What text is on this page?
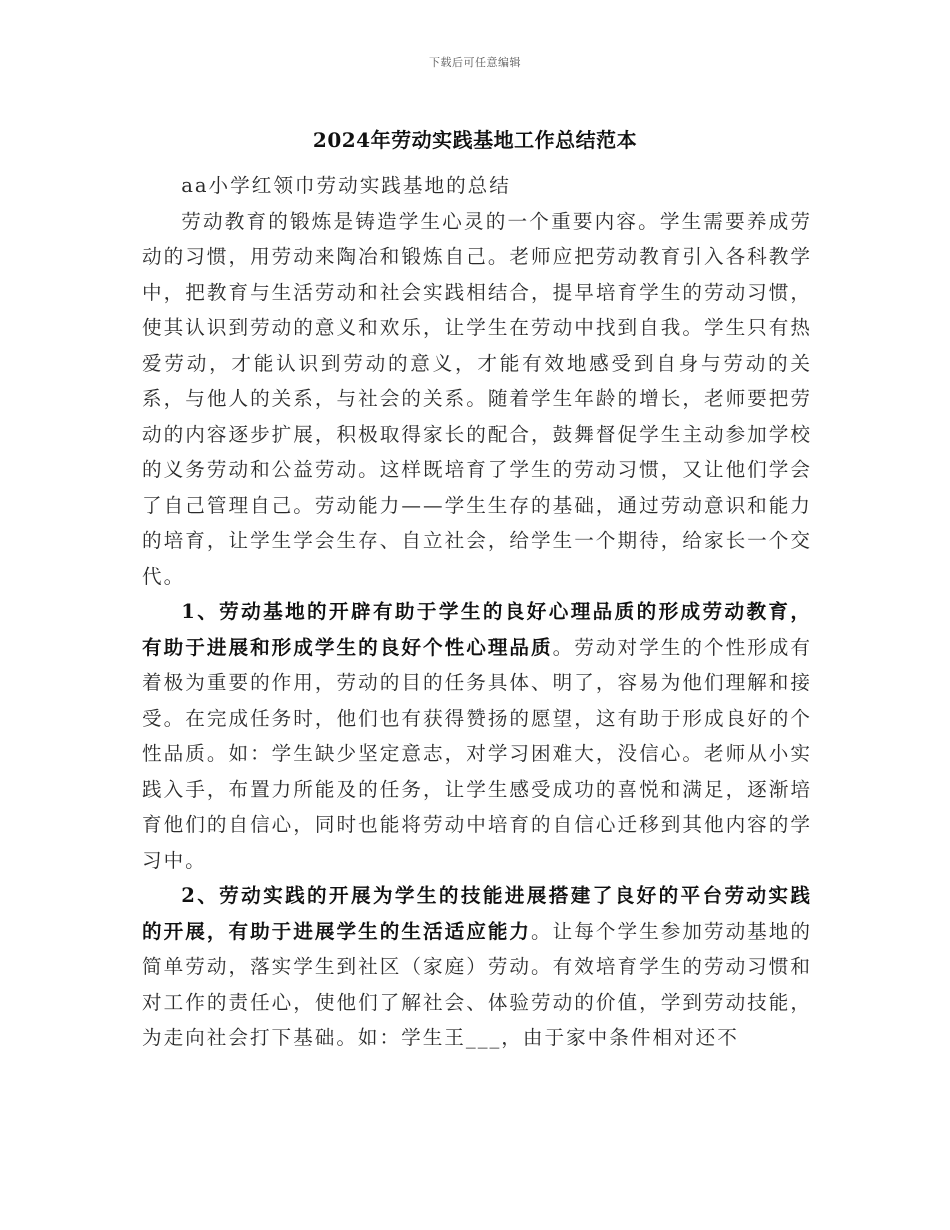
下载后可任意编辑
2024年劳动实践基地工作总结范本

aa小学红领巾劳动实践基地的总结

劳动教育的锻炼是铸造学生心灵的一个重要内容。学生需要养成劳动的习惯，用劳动来陶冶和锻炼自己。老师应把劳动教育引入各科教学中，把教育与生活劳动和社会实践相结合，提早培育学生的劳动习惯，使其认识到劳动的意义和欢乐，让学生在劳动中找到自我。学生只有热爱劳动，才能认识到劳动的意义，才能有效地感受到自身与劳动的关系，与他人的关系，与社会的关系。随着学生年龄的增长，老师要把劳动的内容逐步扩展，积极取得家长的配合，鼓舞督促学生主动参加学校的义务劳动和公益劳动。这样既培育了学生的劳动习惯，又让他们学会了自己管理自己。劳动能力——学生生存的基础，通过劳动意识和能力的培育，让学生学会生存、自立社会，给学生一个期待，给家长一个交代。

1、劳动基地的开辟有助于学生的良好心理品质的形成劳动教育，有助于进展和形成学生的良好个性心理品质。劳动对学生的个性形成有着极为重要的作用，劳动的目的任务具体、明了，容易为他们理解和接受。在完成任务时，他们也有获得赞扬的愿望，这有助于形成良好的个性品质。如：学生缺少坚定意志，对学习困难大，没信心。老师从小实践入手，布置力所能及的任务，让学生感受成功的喜悦和满足，逐渐培育他们的自信心，同时也能将劳动中培育的自信心迁移到其他内容的学习中。

2、劳动实践的开展为学生的技能进展搭建了良好的平台劳动实践的开展，有助于进展学生的生活适应能力。让每个学生参加劳动基地的简单劳动，落实学生到社区（家庭）劳动。有效培育学生的劳动习惯和对工作的责任心，使他们了解社会、体验劳动的价值，学到劳动技能，为走向社会打下基础。如：学生王___，由于家中条件相对还不
